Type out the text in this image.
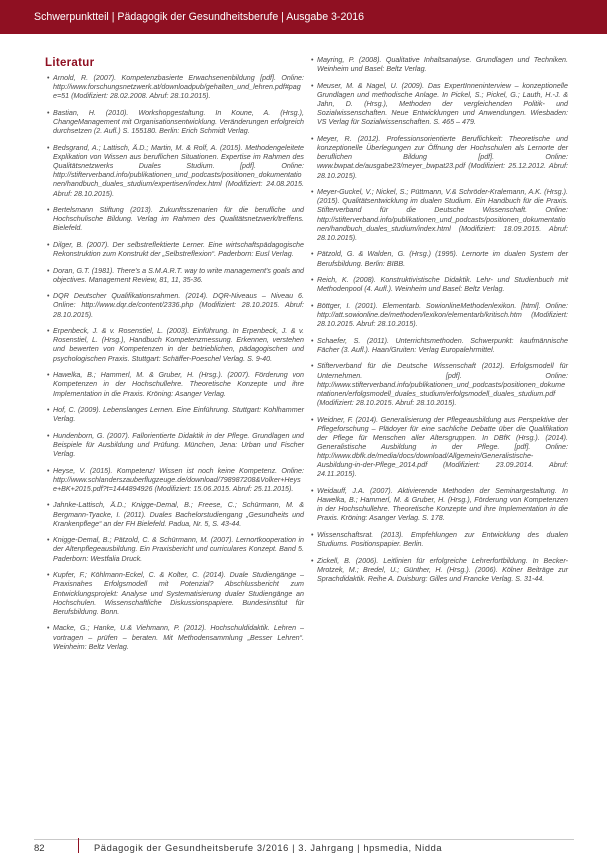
Schwerpunktteil | Pädagogik der Gesundheitsberufe | Ausgabe 3-2016
Literatur

• Arnold, R. (2007). Kompetenzbasierte Erwachsenenbildung [pdf]. Online: http://www.forschungsnetzwerk.at/downloadpub/gehalten_und_lehren.pdf#page=51 (Modifiziert: 28.02.2008. Abruf: 28.10.2015).

• Bastian, H. (2010). Workshopgestaltung. In Koune, A. (Hrsg.), ChangeManagement mit Organisationsentwicklung. Veränderungen erfolgreich durchsetzen (2. Aufl.) S. 155180. Berlin: Erich Schmidt Verlag.

• Bedsgrand, A.; Lattisch, Ä.D.; Martin, M. & Rolf, A. (2015). Methodengeleitete Explikation von Wissen aus beruflichen Situationen. Expertise im Rahmen des Qualitätsnetzwerks Duales Studium. [pdf]. Online: http://stifterverband.info/publikationen_und_podcasts/positionen_dokumentationen/handbuch_duales_studium/expertisen/index.html (Modifiziert: 24.08.2015. Abruf: 28.10.2015).

• Bertelsmann Stiftung (2013). Zukunftsszenarien für die berufliche und Hochschulische Bildung. Verlag im Rahmen des Qualitätsnetzwerk/treffens. Bielefeld.

• Dilger, B. (2007). Der selbstreflektierte Lerner. Eine wirtschaftspädagogische Rekonstruktion zum Konstrukt der „Selbstreflexion“. Paderborn: Eusl Verlag.

• Doran, G.T. (1981). There's a S.M.A.R.T. way to write management's goals and objectives. Management Review, 81, 11, 35-36.

• DQR Deutscher Qualifikationsrahmen. (2014). DQR-Niveaus – Niveau 6. Online: http://www.dqr.de/content/2336.php (Modifiziert: 28.10.2015. Abruf: 28.10.2015).

• Erpenbeck, J. & v. Rosenstiel, L. (2003). Einführung. In Erpenbeck, J. & v. Rosenstiel, L. (Hrsg.), Handbuch Kompetenzmessung. Erkennen, verstehen und bewerten von Kompetenzen in der betrieblichen, pädagogischen und psychologischen Praxis. Stuttgart: Schäffer-Poeschel Verlag. S. 9-40.

• Hawelka, B.; Hammerl, M. & Gruber, H. (Hrsg.). (2007). Förderung von Kompetenzen in der Hochschullehre. Theoretische Konzepte und ihre Implementation in die Praxis. Kröning: Asanger Verlag.

• Hof, C. (2009). Lebenslanges Lernen. Eine Einführung. Stuttgart: Kohlhammer Verlag.

• Hundenborn, G. (2007). Fallorientierte Didaktik in der Pflege. Grundlagen und Beispiele für Ausbildung und Prüfung. München, Jena: Urban und Fischer Verlag.

• Heyse, V. (2015). Kompetenz! Wissen ist noch keine Kompetenz. Online: http://www.schlanderszauberflugzeuge.de/download/798987208&Volker+Heyse+BK+2015.pdf?t=1444894926 (Modifiziert: 15.06.2015. Abruf: 25.11.2015).

• Jahnke-Lattisch, Ä.D.; Knigge-Demal, B.; Freese, C.; Schürmann, M. & Bergmann-Tyacke, I. (2011). Duales Bachelorstudiengang „Gesundheits und Krankenpflege“ an der FH Bielefeld. Padua, Nr. 5, S. 43-44.

• Knigge-Demal, B.; Pätzold, C. & Schürmann, M. (2007). Lernortkooperation in der Altenpflegeausbildung. Ein Praxisbericht und curriculares Konzept. Band 5. Paderborn: Westfalia Druck.

• Kupfer, F.; Köhlmann-Eckel, C. & Kolter, C. (2014). Duale Studiengänge – Praxisnahes Erfolgsmodell mit Potenzial? Abschlussbericht zum Entwicklungsprojekt: Analyse und Systematisierung dualer Studiengänge an Hochschulen. Wissenschaftliche Diskussionspapiere. Bundesinstitut für Berufsbildung. Bonn.

• Macke, G.; Hanke, U.& Viehmann, P. (2012). Hochschuldidaktik. Lehren – vortragen – prüfen – beraten. Mit Methodensammlung „Besser Lehren“. Weinheim: Beltz Verlag.

• Mayring, P. (2008). Qualitative Inhaltsanalyse. Grundlagen und Techniken. Weinheim und Basel: Beltz Verlag.

• Meuser, M. & Nagel, U. (2009). Das ExpertInneninterview – konzeptionelle Grundlagen und methodische Anlage. In Pickel, S.; Pickel, G.; Lauth, H.-J. & Jahn, D. (Hrsg.), Methoden der vergleichenden Politik- und Sozialwissenschaften. Neue Entwicklungen und Anwendungen. Wiesbaden: VS Verlag für Sozialwissenschaften. S. 465 – 479.

• Meyer, R. (2012). Professionsorientierte Beruflichkeit: Theoretische und konzeptionelle Überlegungen zur Öffnung der Hochschulen als Lernorte der beruflichen Bildung [pdf]. Online: www.bwpat.de/ausgabe23/meyer_bwpat23.pdf (Modifiziert: 25.12.2012. Abruf: 28.10.2015).

• Meyer-Guckel, V.; Nickel, S.; Püttmann, V.& Schröder-Kralemann, A.K. (Hrsg.). (2015). Qualitätsentwicklung im dualen Studium. Ein Handbuch für die Praxis. Stifterverband für die Deutsche Wissenschaft. Online: http://stifterverband.info/publikationen_und_podcasts/positionen_dokumentationen/handbuch_duales_studium/index.html (Modifiziert: 18.09.2015. Abruf: 28.10.2015).

• Pätzold, G. & Walden, G. (Hrsg.) (1995). Lernorte im dualen System der Berufsbildung. Berlin: BIBB.

• Reich, K. (2008). Konstruktivistische Didaktik. Lehr- und Studienbuch mit Methodenpool (4. Aufl.). Weinheim und Basel: Beltz Verlag.

• Böttger, I. (2001). Elementarb. SowionlineMethodenlexikon. [html]. Online: http://att.sowionline.de/methoden/lexikon/elementarb/kritisch.htm (Modifiziert: 28.10.2015. Abruf: 28.10.2015).

• Schaefer, S. (2011). Unterrichtsmethoden. Schwerpunkt: kaufmännische Fächer (3. Aufl.). Haan/Gruiten: Verlag Europalehrmittel.

• Stifterverband für die Deutsche Wissenschaft (2012). Erfolgsmodell für Unternehmen. [pdf]. Online: http://www.stifterverband.info/publikationen_und_podcasts/positionen_dokumentationen/erfolgsmodell_duales_studium/erfolgsmodell_duales_studium.pdf (Modifiziert: 28.10.2015. Abruf: 28.10.2015).

• Weidner, F. (2014). Generalisierung der Pflegeausbildung aus Perspektive der Pflegeforschung – Plädoyer für eine sachliche Debatte über die Qualifikation der Pflege für Menschen aller Altersgruppen. In DBfK (Hrsg.). (2014). Generalistische Ausbildung in der Pflege. [pdf]. Online: http://www.dbfk.de/media/docs/download/Allgemein/Generalistische-Ausbildung-in-der-Pflege_2014.pdf (Modifiziert: 23.09.2014. Abruf: 24.11.2015).

• Weidauff, J.A. (2007). Aktivierende Methoden der Seminargestaltung. In Hawelka, B.; Hammerl, M. & Gruber, H. (Hrsg.), Förderung von Kompetenzen in der Hochschullehre. Theoretische Konzepte und ihre Implementation in die Praxis. Kröning: Asanger Verlag. S. 178.

• Wissenschaftsrat. (2013). Empfehlungen zur Entwicklung des dualen Studiums. Positionspapier. Berlin.

• Zickell, B. (2006). Leitlinien für erfolgreiche Lehrerfortbildung. In Becker-Mrotzek, M.; Bredel, U.; Günther, H. (Hrsg.). (2006). Kölner Beiträge zur Sprachdidaktik. Reihe A. Duisburg: Gilles und Francke Verlag. S. 31-44.

82	Pädagogik der Gesundheitsberufe 3/2016 | 3. Jahrgang | hpsmedia, Nidda
